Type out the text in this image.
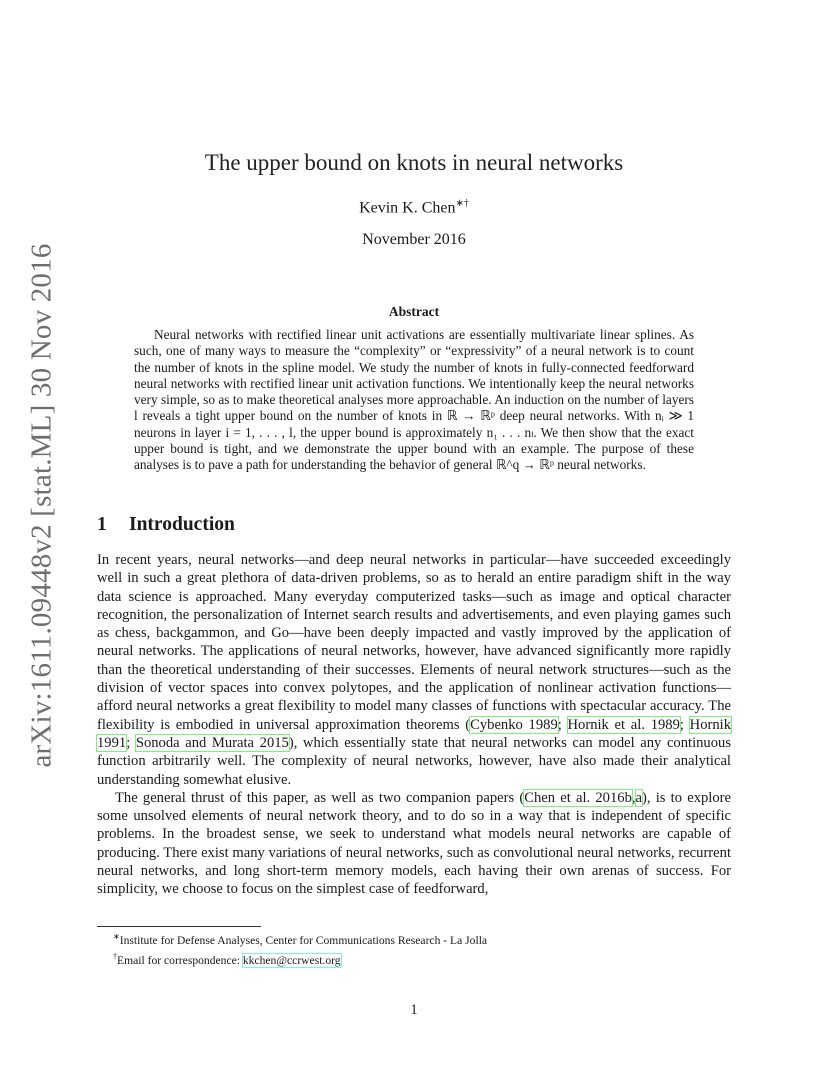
arXiv:1611.09448v2 [stat.ML] 30 Nov 2016
The upper bound on knots in neural networks
Kevin K. Chen∗†
November 2016
Abstract
Neural networks with rectified linear unit activations are essentially multivariate linear splines. As such, one of many ways to measure the “complexity” or “expressivity” of a neural network is to count the number of knots in the spline model. We study the number of knots in fully-connected feedforward neural networks with rectified linear unit activation functions. We intentionally keep the neural networks very simple, so as to make theoretical analyses more approachable. An induction on the number of layers l reveals a tight upper bound on the number of knots in ℝ → ℝᵖ deep neural networks. With nᵢ ≫ 1 neurons in layer i = 1, . . . , l, the upper bound is approximately n₁ . . . nₗ. We then show that the exact upper bound is tight, and we demonstrate the upper bound with an example. The purpose of these analyses is to pave a path for understanding the behavior of general ℝ^q → ℝᵖ neural networks.
1 Introduction

In recent years, neural networks—and deep neural networks in particular—have succeeded exceedingly well in such a great plethora of data-driven problems, so as to herald an entire paradigm shift in the way data science is approached. Many everyday computerized tasks—such as image and optical character recognition, the personalization of Internet search results and advertisements, and even playing games such as chess, backgammon, and Go—have been deeply impacted and vastly improved by the application of neural networks. The applications of neural networks, however, have advanced significantly more rapidly than the theoretical understanding of their successes. Elements of neural network structures—such as the division of vector spaces into convex polytopes, and the application of nonlinear activation functions—afford neural networks a great flexibility to model many classes of functions with spectacular accuracy. The flexibility is embodied in universal approximation theorems (Cybenko 1989; Hornik et al. 1989; Hornik 1991; Sonoda and Murata 2015), which essentially state that neural networks can model any continuous function arbitrarily well. The complexity of neural networks, however, have also made their analytical understanding somewhat elusive.

The general thrust of this paper, as well as two companion papers (Chen et al. 2016b,a), is to explore some unsolved elements of neural network theory, and to do so in a way that is independent of specific problems. In the broadest sense, we seek to understand what models neural networks are capable of producing. There exist many variations of neural networks, such as convolutional neural networks, recurrent neural networks, and long short-term memory models, each having their own arenas of success. For simplicity, we choose to focus on the simplest case of feedforward,

∗Institute for Defense Analyses, Center for Communications Research - La Jolla
†Email for correspondence: kkchen@ccrwest.org
1
